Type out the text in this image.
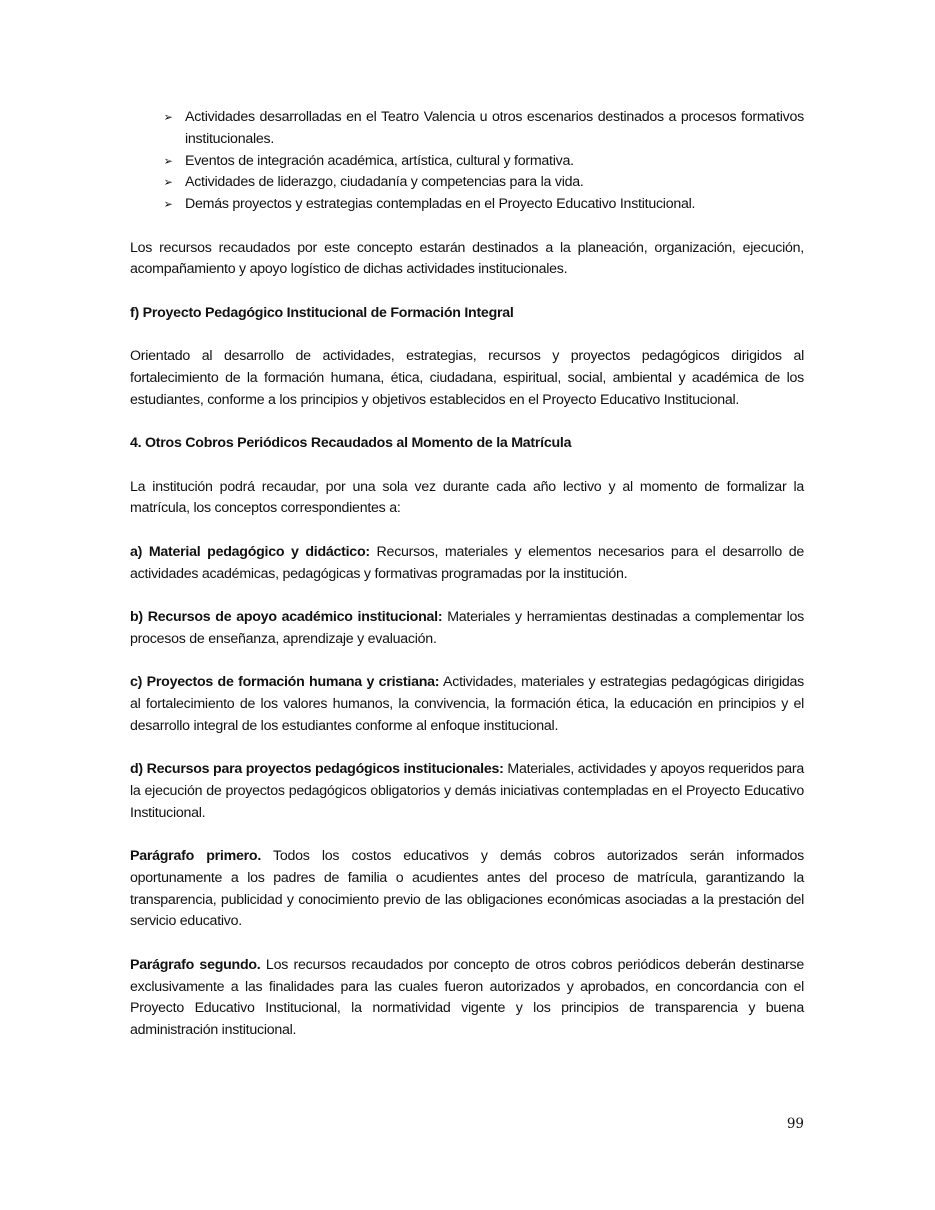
➢ Actividades desarrolladas en el Teatro Valencia u otros escenarios destinados a procesos formativos institucionales.
➢ Eventos de integración académica, artística, cultural y formativa.
➢ Actividades de liderazgo, ciudadanía y competencias para la vida.
➢ Demás proyectos y estrategias contempladas en el Proyecto Educativo Institucional.

Los recursos recaudados por este concepto estarán destinados a la planeación, organización, ejecución, acompañamiento y apoyo logístico de dichas actividades institucionales.

f) Proyecto Pedagógico Institucional de Formación Integral

Orientado al desarrollo de actividades, estrategias, recursos y proyectos pedagógicos dirigidos al fortalecimiento de la formación humana, ética, ciudadana, espiritual, social, ambiental y académica de los estudiantes, conforme a los principios y objetivos establecidos en el Proyecto Educativo Institucional.

4. Otros Cobros Periódicos Recaudados al Momento de la Matrícula

La institución podrá recaudar, por una sola vez durante cada año lectivo y al momento de formalizar la matrícula, los conceptos correspondientes a:

a) Material pedagógico y didáctico: Recursos, materiales y elementos necesarios para el desarrollo de actividades académicas, pedagógicas y formativas programadas por la institución.

b) Recursos de apoyo académico institucional: Materiales y herramientas destinadas a complementar los procesos de enseñanza, aprendizaje y evaluación.

c) Proyectos de formación humana y cristiana: Actividades, materiales y estrategias pedagógicas dirigidas al fortalecimiento de los valores humanos, la convivencia, la formación ética, la educación en principios y el desarrollo integral de los estudiantes conforme al enfoque institucional.

d) Recursos para proyectos pedagógicos institucionales: Materiales, actividades y apoyos requeridos para la ejecución de proyectos pedagógicos obligatorios y demás iniciativas contempladas en el Proyecto Educativo Institucional.

Parágrafo primero. Todos los costos educativos y demás cobros autorizados serán informados oportunamente a los padres de familia o acudientes antes del proceso de matrícula, garantizando la transparencia, publicidad y conocimiento previo de las obligaciones económicas asociadas a la prestación del servicio educativo.

Parágrafo segundo. Los recursos recaudados por concepto de otros cobros periódicos deberán destinarse exclusivamente a las finalidades para las cuales fueron autorizados y aprobados, en concordancia con el Proyecto Educativo Institucional, la normatividad vigente y los principios de transparencia y buena administración institucional.

99
